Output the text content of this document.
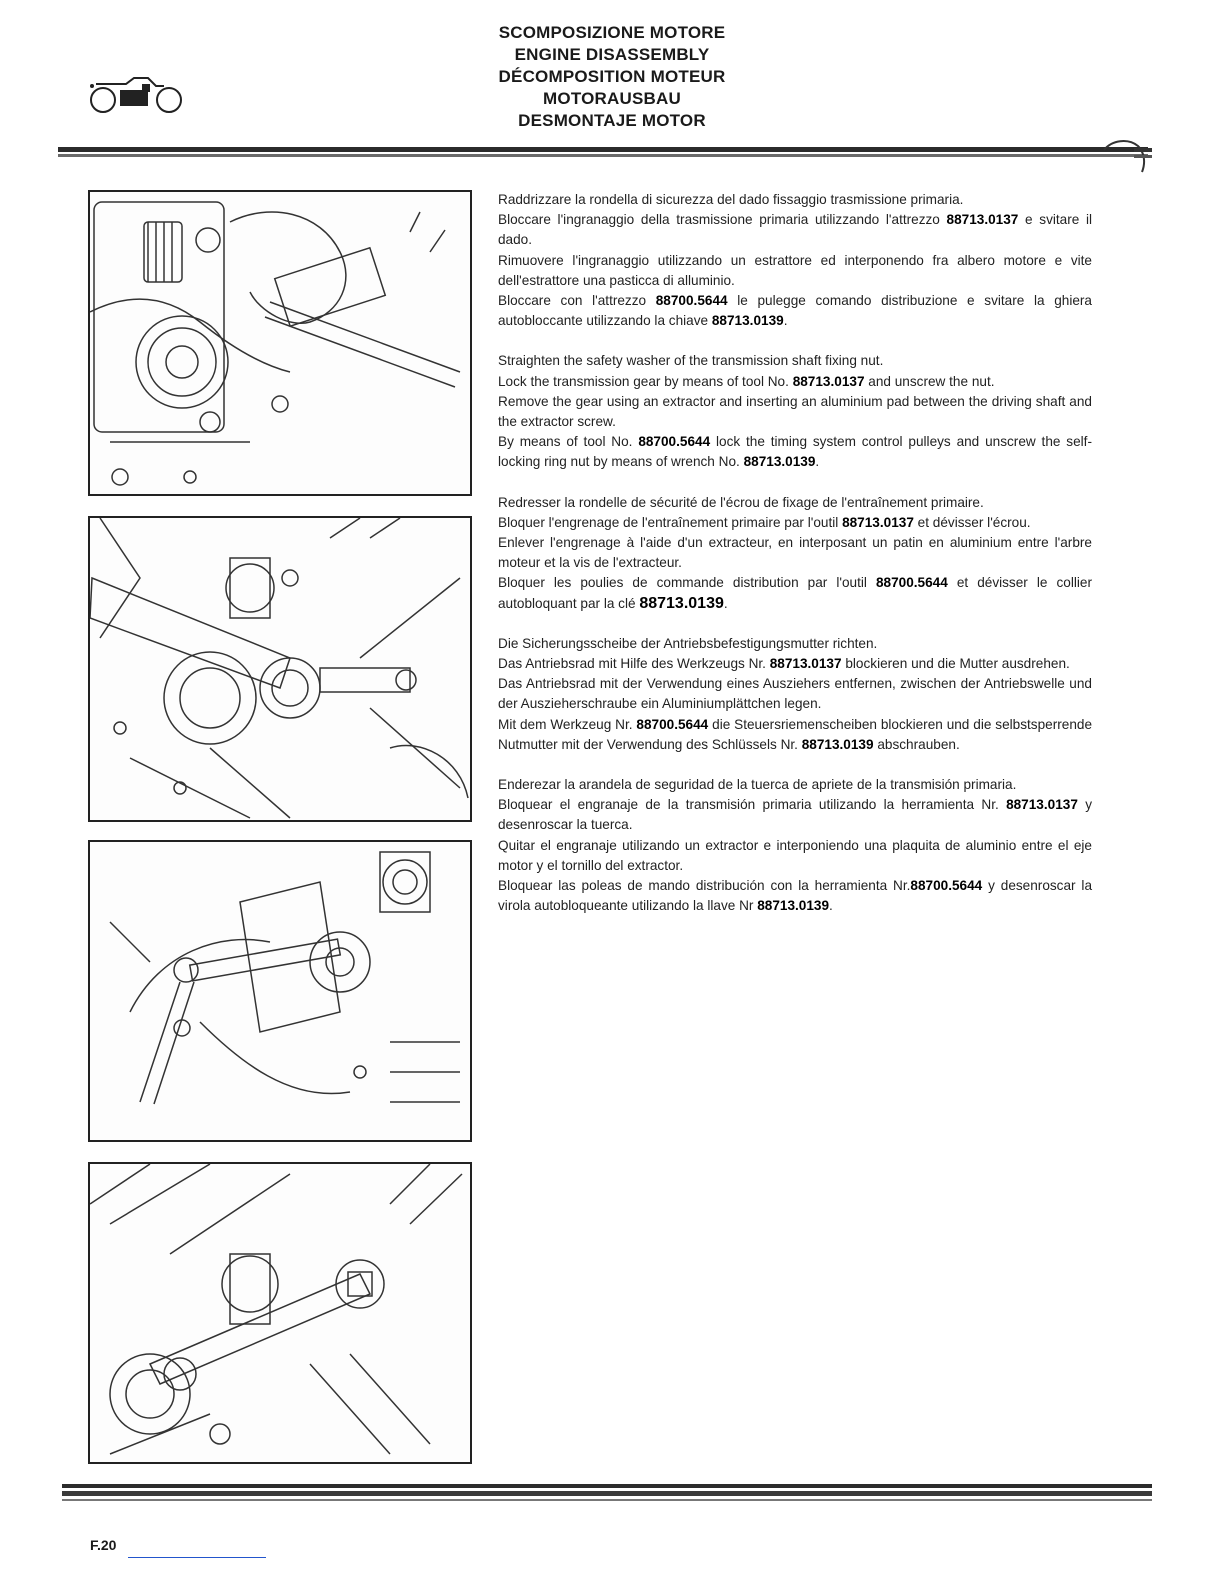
SCOMPOSIZIONE MOTORE
ENGINE DISASSEMBLY
DÉCOMPOSITION MOTEUR
MOTORAUSBAU
DESMONTAJE MOTOR

Raddrizzare la rondella di sicurezza del dado fissaggio trasmissione primaria.
Bloccare l'ingranaggio della trasmissione primaria utilizzando l'attrezzo 88713.0137 e svitare il dado.
Rimuovere l'ingranaggio utilizzando un estrattore ed interponendo fra albero motore e vite dell'estrattore una pasticca di alluminio.
Bloccare con l'attrezzo 88700.5644 le pulegge comando distribuzione e svitare la ghiera autobloccante utilizzando la chiave 88713.0139.

Straighten the safety washer of the transmission shaft fixing nut.
Lock the transmission gear by means of tool No. 88713.0137 and unscrew the nut.
Remove the gear using an extractor and inserting an aluminium pad between the driving shaft and the extractor screw.
By means of tool No. 88700.5644 lock the timing system control pulleys and unscrew the self-locking ring nut by means of wrench No. 88713.0139.

Redresser la rondelle de sécurité de l'écrou de fixage de l'entraînement primaire.
Bloquer l'engrenage de l'entraînement primaire par l'outil 88713.0137 et dévisser l'écrou.
Enlever l'engrenage à l'aide d'un extracteur, en interposant un patin en aluminium entre l'arbre moteur et la vis de l'extracteur.
Bloquer les poulies de commande distribution par l'outil 88700.5644 et dévisser le collier autobloquant par la clé 88713.0139.

Die Sicherungsscheibe der Antriebsbefestigungsmutter richten.
Das Antriebsrad mit Hilfe des Werkzeugs Nr. 88713.0137 blockieren und die Mutter ausdrehen.
Das Antriebsrad mit der Verwendung eines Ausziehers entfernen, zwischen der Antriebswelle und der Auszieherschraube ein Aluminiumplättchen legen.
Mit dem Werkzeug Nr. 88700.5644 die Steuersriemenscheiben blockieren und die selbstsperrende Nutmutter mit der Verwendung des Schlüssels Nr. 88713.0139 abschrauben.

Enderezar la arandela de seguridad de la tuerca de apriete de la transmisión primaria.
Bloquear el engranaje de la transmisión primaria utilizando la herramienta Nr. 88713.0137 y desenroscar la tuerca.
Quitar el engranaje utilizando un extractor e interponiendo una plaquita de aluminio entre el eje motor y el tornillo del extractor.
Bloquear las poleas de mando distribución con la herramienta Nr.88700.5644 y desenroscar la virola autobloqueante utilizando la llave Nr 88713.0139.

F.20
